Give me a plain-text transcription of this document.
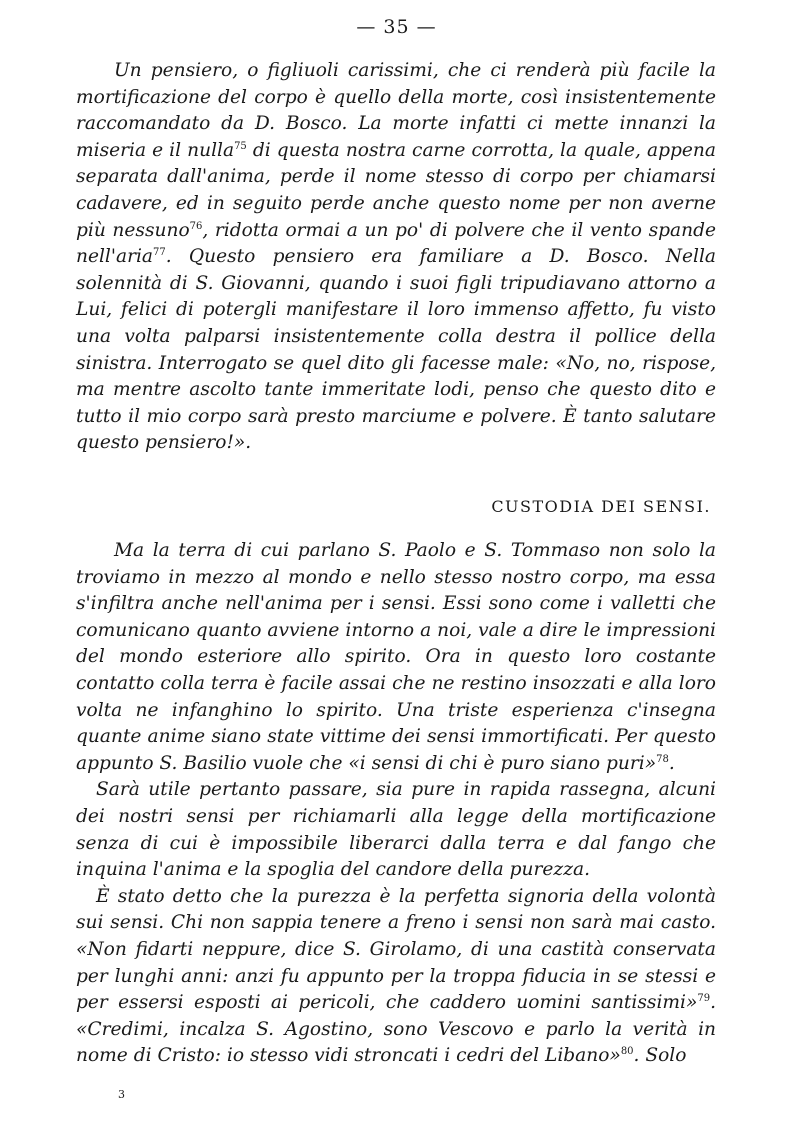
— 35 —

Un pensiero, o figliuoli carissimi, che ci renderà più facile la mortificazione del corpo è quello della morte, così insistentemente raccomandato da D. Bosco. La morte infatti ci mette innanzi la miseria e il nulla$^{75}$ di questa nostra carne corrotta, la quale, appena separata dall'anima, perde il nome stesso di corpo per chiamarsi cadavere, ed in seguito perde anche questo nome per non averne più nessuno$^{76}$, ridotta ormai a un po' di polvere che il vento spande nell'aria$^{77}$. Questo pensiero era familiare a D. Bosco. Nella solennità di S. Giovanni, quando i suoi figli tripudiavano attorno a Lui, felici di potergli manifestare il loro immenso affetto, fu visto una volta palparsi insistentemente colla destra il pollice della sinistra. Interrogato se quel dito gli facesse male: «No, no, rispose, ma mentre ascolto tante immeritate lodi, penso che questo dito e tutto il mio corpo sarà presto marciume e polvere. È tanto salutare questo pensiero!».

CUSTODIA DEI SENSI.

Ma la terra di cui parlano S. Paolo e S. Tommaso non solo la troviamo in mezzo al mondo e nello stesso nostro corpo, ma essa s'infiltra anche nell'anima per i sensi. Essi sono come i valletti che comunicano quanto avviene intorno a noi, vale a dire le impressioni del mondo esteriore allo spirito. Ora in questo loro costante contatto colla terra è facile assai che ne restino insozzati e alla loro volta ne infanghino lo spirito. Una triste esperienza c'insegna quante anime siano state vittime dei sensi immortificati. Per questo appunto S. Basilio vuole che «i sensi di chi è puro siano puri»$^{78}$.

Sarà utile pertanto passare, sia pure in rapida rassegna, alcuni dei nostri sensi per richiamarli alla legge della mortificazione senza di cui è impossibile liberarci dalla terra e dal fango che inquina l'anima e la spoglia del candore della purezza.

È stato detto che la purezza è la perfetta signoria della volontà sui sensi. Chi non sappia tenere a freno i sensi non sarà mai casto. «Non fidarti neppure, dice S. Girolamo, di una castità conservata per lunghi anni: anzi fu appunto per la troppa fiducia in se stessi e per essersi esposti ai pericoli, che caddero uomini santissimi»$^{79}$. «Credimi, incalza S. Agostino, sono Vescovo e parlo la verità in nome di Cristo: io stesso vidi stroncati i cedri del Libano»$^{80}$. Solo

3
